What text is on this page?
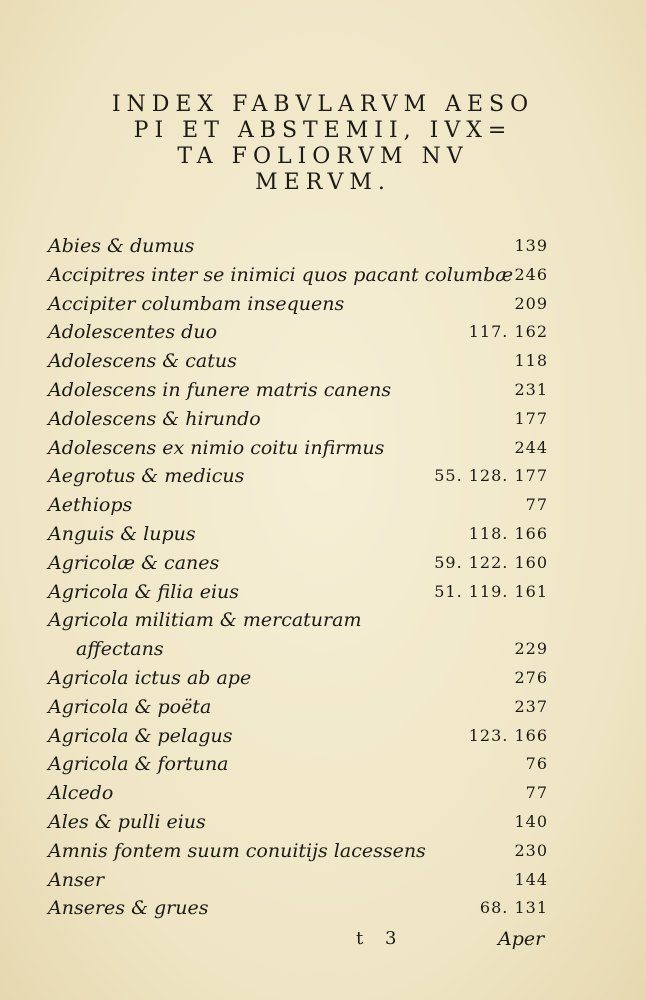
INDEX FABVLARVM AESO
PI ET ABSTEMII, IVX=
TA FOLIORVM NV
MERVM.
Abies & dumus	139
Accipitres inter se inimici quos pacant columbæ 246
Accipiter columbam insequens	209
Adolescentes duo	117. 162
Adolescens & catus	118
Adolescens in funere matris canens	231
Adolescens & hirundo	177
Adolescens ex nimio coitu infirmus	244
Aegrotus & medicus	55. 128. 177
Aethiops	77
Anguis & lupus	118. 166
Agricolæ & canes	59. 122. 160
Agricola & filia eius	51. 119. 161
Agricola militiam & mercaturam
affectans	229
Agricola ictus ab ape	276
Agricola & poëta	237
Agricola & pelagus	123. 166
Agricola & fortuna	76
Alcedo	77
Ales & pulli eius	140
Amnis fontem suum conuitijs lacessens	230
Anser	144
Anseres & grues	68. 131
t 3	Aper
